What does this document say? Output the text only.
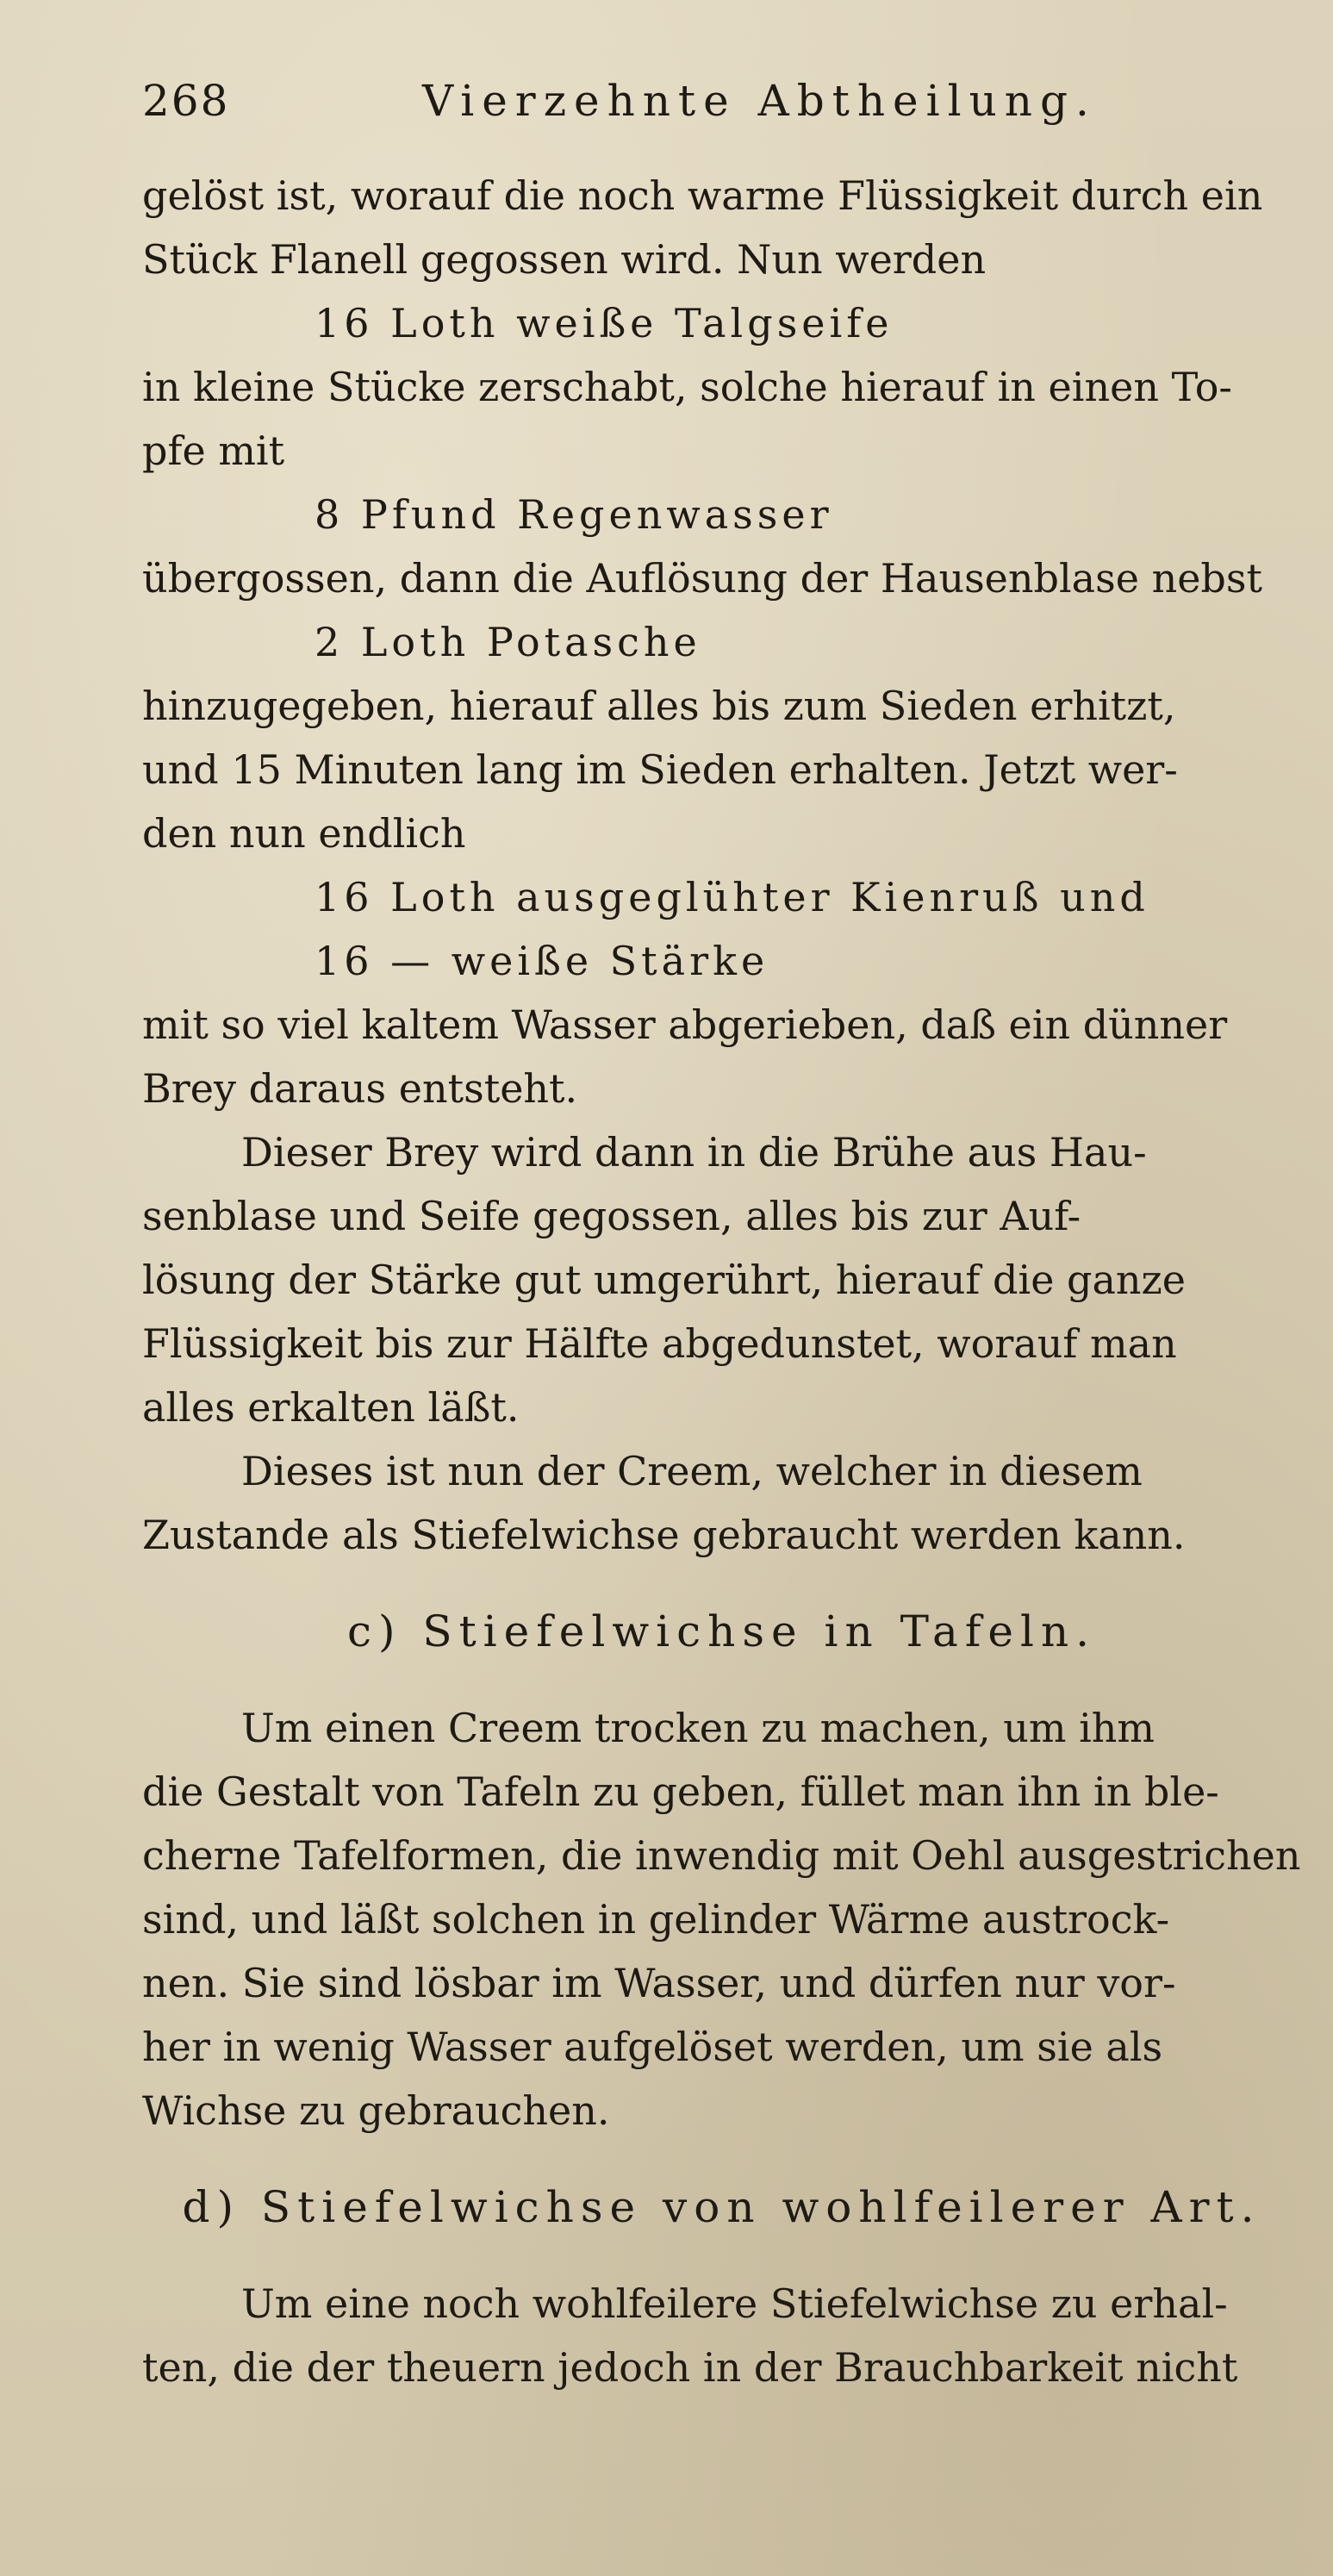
268	Vierzehnte Abtheilung.
gelöst ist, worauf die noch warme Flüssigkeit durch ein
Stück Flanell gegossen wird. Nun werden
16 Loth weiße Talgseife
in kleine Stücke zerschabt, solche hierauf in einen To-
pfe mit
8 Pfund Regenwasser
übergossen, dann die Auflösung der Hausenblase nebst
2 Loth Potasche
hinzugegeben, hierauf alles bis zum Sieden erhitzt,
und 15 Minuten lang im Sieden erhalten. Jetzt wer-
den nun endlich
16 Loth ausgeglühter Kienruß und
16 — weiße Stärke
mit so viel kaltem Wasser abgerieben, daß ein dünner
Brey daraus entsteht.
Dieser Brey wird dann in die Brühe aus Hau-
senblase und Seife gegossen, alles bis zur Auf-
lösung der Stärke gut umgerührt, hierauf die ganze
Flüssigkeit bis zur Hälfte abgedunstet, worauf man
alles erkalten läßt.
Dieses ist nun der Creem, welcher in diesem
Zustande als Stiefelwichse gebraucht werden kann.
c) Stiefelwichse in Tafeln.
Um einen Creem trocken zu machen, um ihm
die Gestalt von Tafeln zu geben, füllet man ihn in ble-
cherne Tafelformen, die inwendig mit Oehl ausgestrichen
sind, und läßt solchen in gelinder Wärme austrock-
nen. Sie sind lösbar im Wasser, und dürfen nur vor-
her in wenig Wasser aufgelöset werden, um sie als
Wichse zu gebrauchen.
d) Stiefelwichse von wohlfeilerer Art.
Um eine noch wohlfeilere Stiefelwichse zu erhal-
ten, die der theuern jedoch in der Brauchbarkeit nicht
